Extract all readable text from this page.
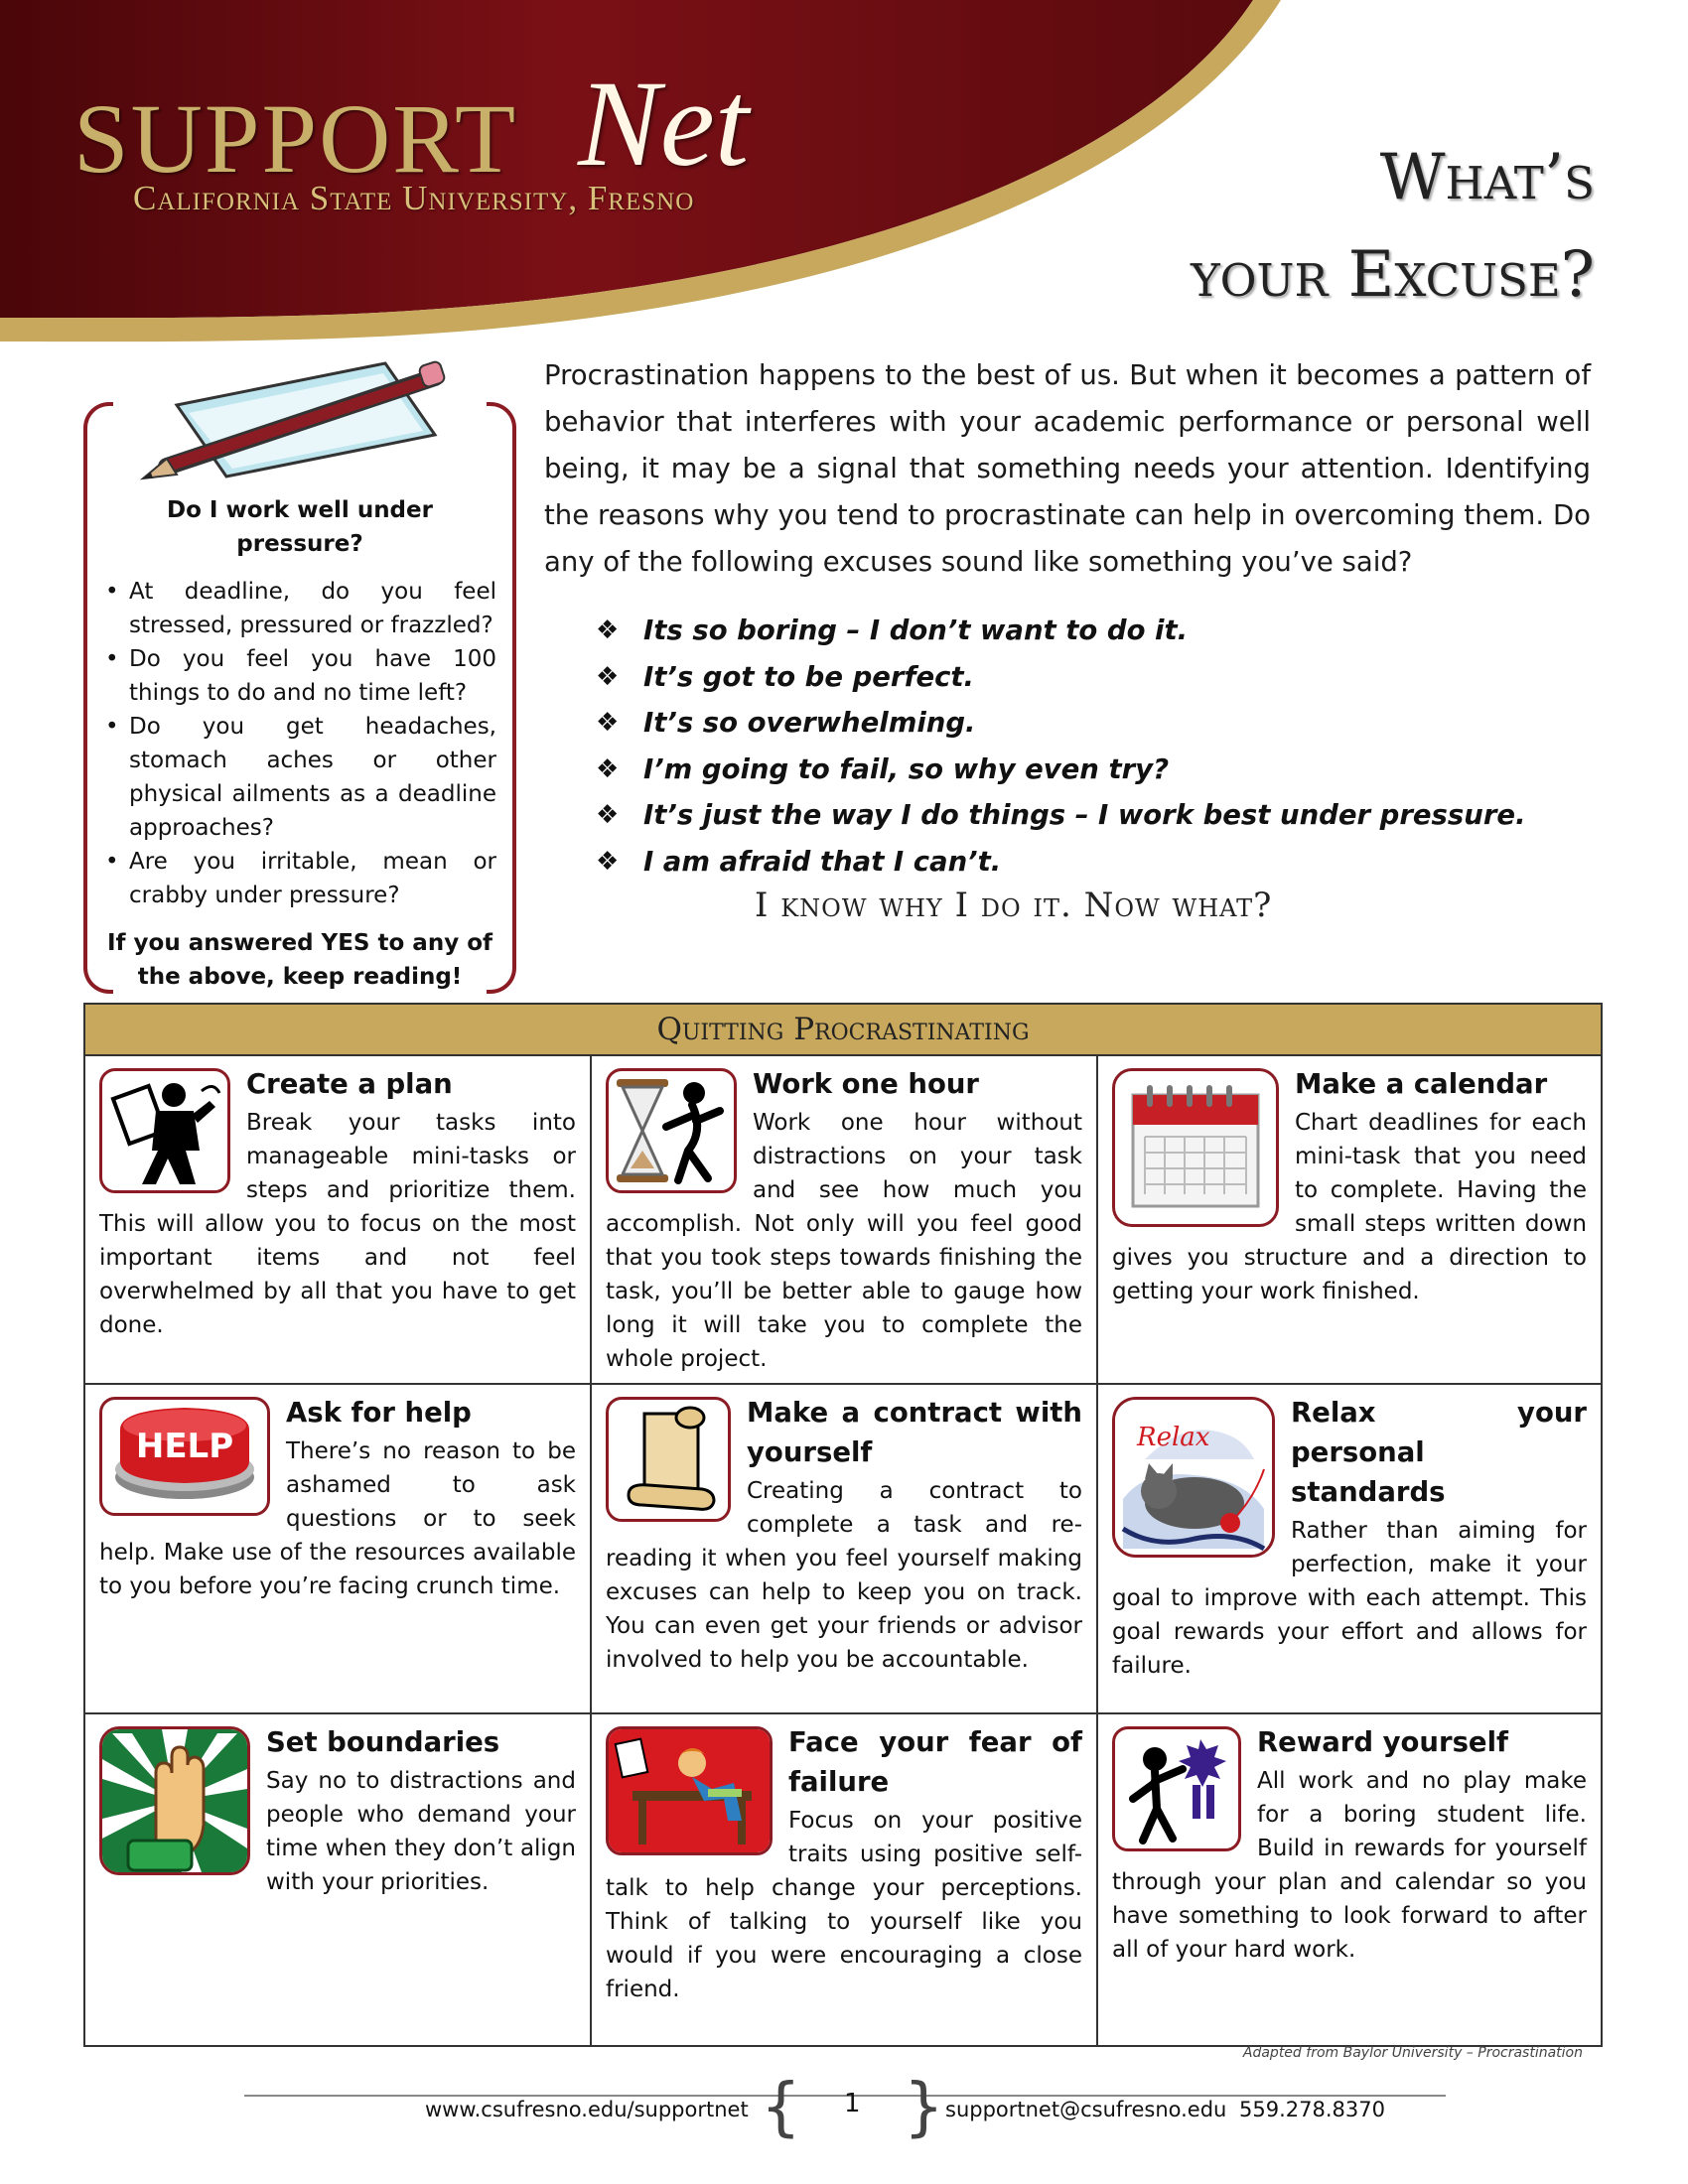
SUPPORT Net
California State University, Fresno	What’s
your Excuse?
Do I work well under pressure?
• At deadline, do you feel stressed, pressured or frazzled?
• Do you feel you have 100 things to do and no time left?
• Do you get headaches, stomach aches or other physical ailments as a deadline approaches?
• Are you irritable, mean or crabby under pressure?
If you answered YES to any of the above, keep reading!
Procrastination happens to the best of us. But when it becomes a pattern of behavior that interferes with your academic performance or personal well being, it may be a signal that something needs your attention. Identifying the reasons why you tend to procrastinate can help in overcoming them. Do any of the following excuses sound like something you’ve said?
❖ Its so boring – I don’t want to do it.
❖ It’s got to be perfect.
❖ It’s so overwhelming.
❖ I’m going to fail, so why even try?
❖ It’s just the way I do things – I work best under pressure.
❖ I am afraid that I can’t.
I know why I do it. Now what?
Quitting Procrastinating
Create a plan

Break your tasks into manageable mini-tasks or steps and prioritize them. This will allow you to focus on the most important items and not feel overwhelmed by all that you have to get done.

Work one hour

Work one hour without distractions on your task and see how much you accomplish. Not only will you feel good that you took steps towards finishing the task, you’ll be better able to gauge how long it will take you to complete the whole project.

Make a calendar

Chart deadlines for each mini-task that you need to complete. Having the small steps written down gives you structure and a direction to getting your work finished.

HELP
Ask for help

There’s no reason to be ashamed to ask questions or to seek help. Make use of the resources available to you before you’re facing crunch time.

Make a contract with yourself

Creating a contract to complete a task and re-reading it when you feel yourself making excuses can help to keep you on track. You can even get your friends or advisor involved to help you be accountable.

Relax
Relax your personal standards

Rather than aiming for perfection, make it your goal to improve with each attempt. This goal rewards your effort and allows for failure.

Set boundaries

Say no to distractions and people who demand your time when they don’t align with your priorities.

Face your fear of failure

Focus on your positive traits using positive self-talk to help change your perceptions. Think of talking to yourself like you would if you were encouraging a close friend.

Reward yourself

All work and no play make for a boring student life. Build in rewards for yourself through your plan and calendar so you have something to look forward to after all of your hard work.

Adapted from Baylor University – Procrastination
www.csufresno.edu/supportnet { 1 } supportnet@csufresno.edu 559.278.8370
